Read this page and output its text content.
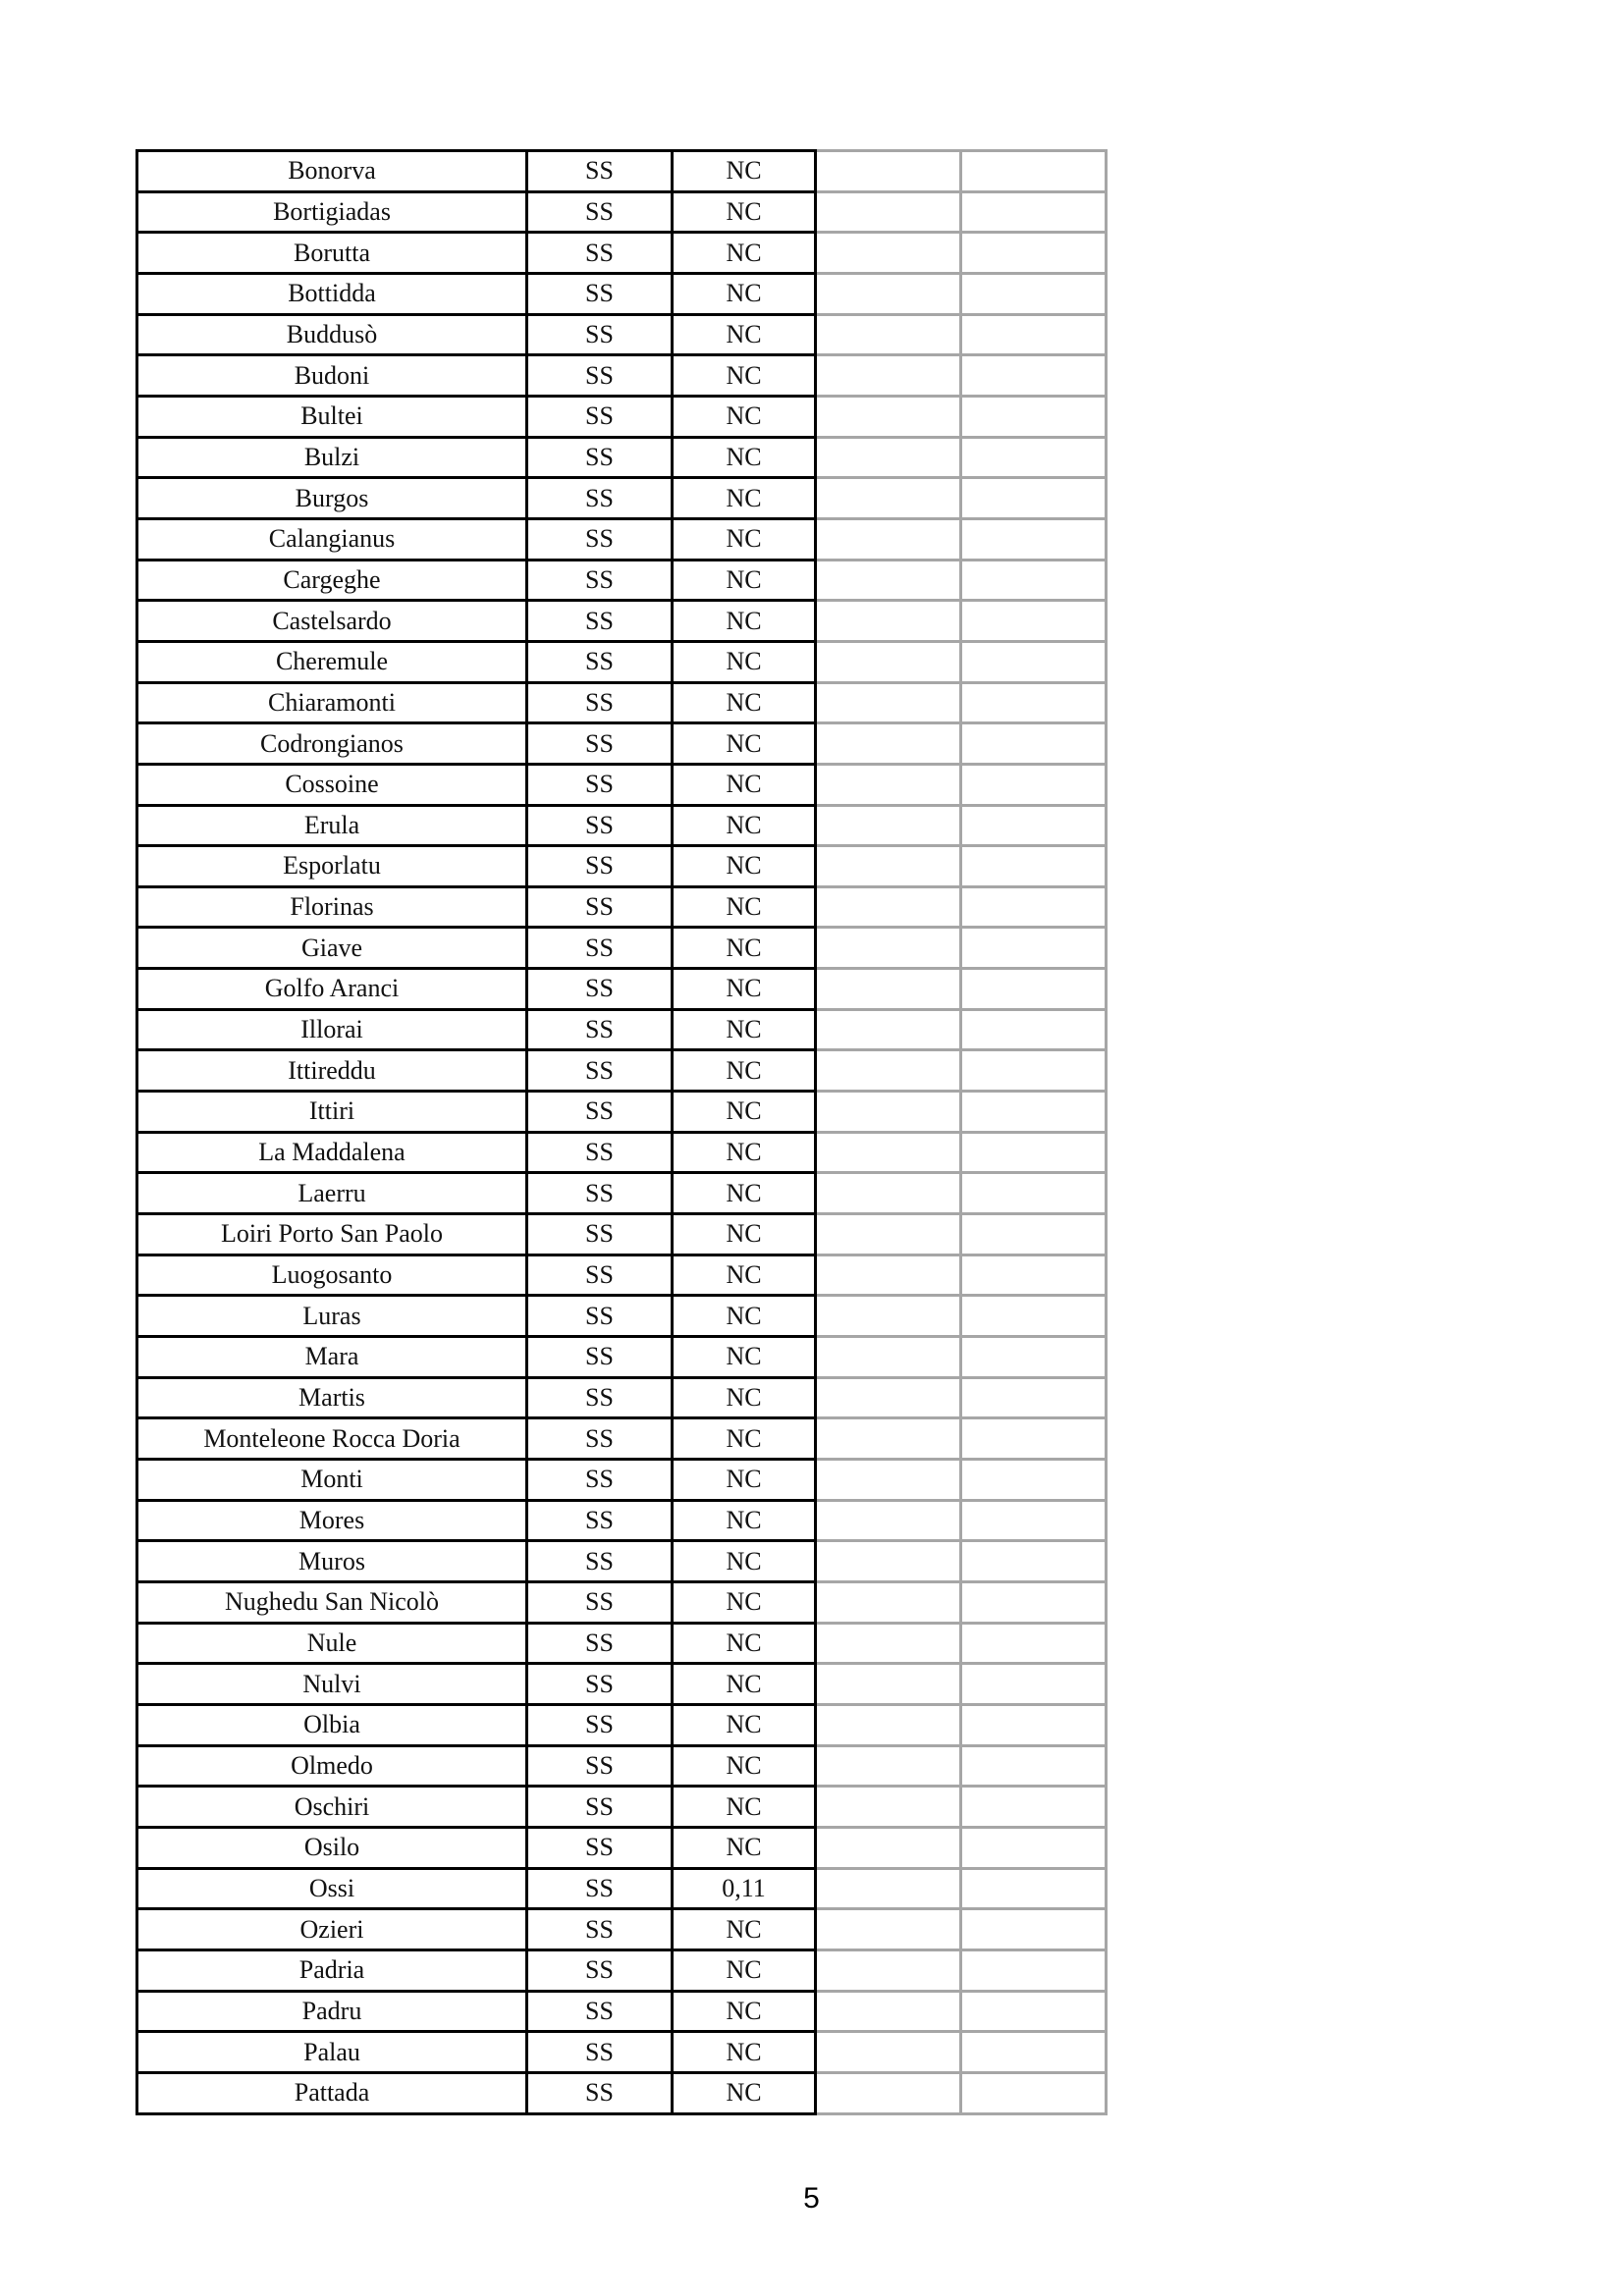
Bonorva	SS	NC		
Bortigiadas	SS	NC		
Borutta	SS	NC		
Bottidda	SS	NC		
Buddusò	SS	NC		
Budoni	SS	NC		
Bultei	SS	NC		
Bulzi	SS	NC		
Burgos	SS	NC		
Calangianus	SS	NC		
Cargeghe	SS	NC		
Castelsardo	SS	NC		
Cheremule	SS	NC		
Chiaramonti	SS	NC		
Codrongianos	SS	NC		
Cossoine	SS	NC		
Erula	SS	NC		
Esporlatu	SS	NC		
Florinas	SS	NC		
Giave	SS	NC		
Golfo Aranci	SS	NC		
Illorai	SS	NC		
Ittireddu	SS	NC		
Ittiri	SS	NC		
La Maddalena	SS	NC		
Laerru	SS	NC		
Loiri Porto San Paolo	SS	NC		
Luogosanto	SS	NC		
Luras	SS	NC		
Mara	SS	NC		
Martis	SS	NC		
Monteleone Rocca Doria	SS	NC		
Monti	SS	NC		
Mores	SS	NC		
Muros	SS	NC		
Nughedu San Nicolò	SS	NC		
Nule	SS	NC		
Nulvi	SS	NC		
Olbia	SS	NC		
Olmedo	SS	NC		
Oschiri	SS	NC		
Osilo	SS	NC		
Ossi	SS	0,11		
Ozieri	SS	NC		
Padria	SS	NC		
Padru	SS	NC		
Palau	SS	NC		
Pattada	SS	NC		
5
